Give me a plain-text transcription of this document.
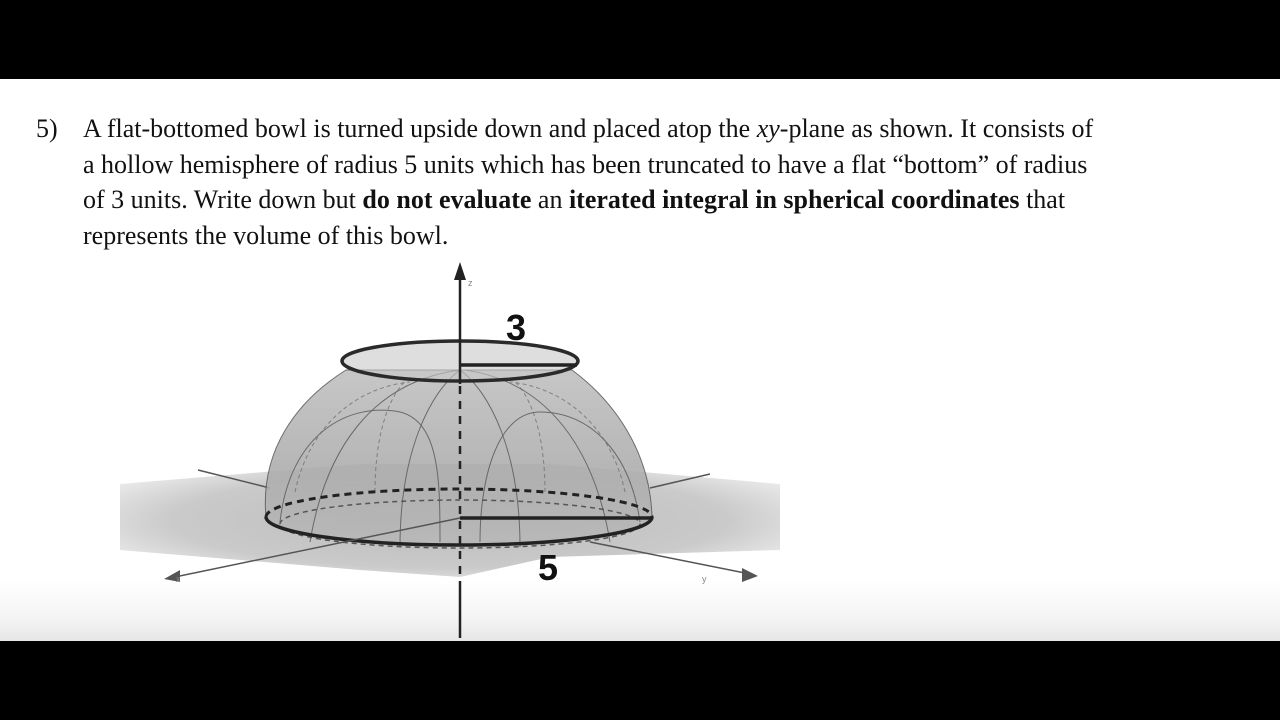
5) A flat-bottomed bowl is turned upside down and placed atop the xy-plane as shown. It consists of
a hollow hemisphere of radius 5 units which has been truncated to have a flat “bottom” of radius
of 3 units. Write down but do not evaluate an iterated integral in spherical coordinates that
represents the volume of this bowl.
3
5
z
x	y
